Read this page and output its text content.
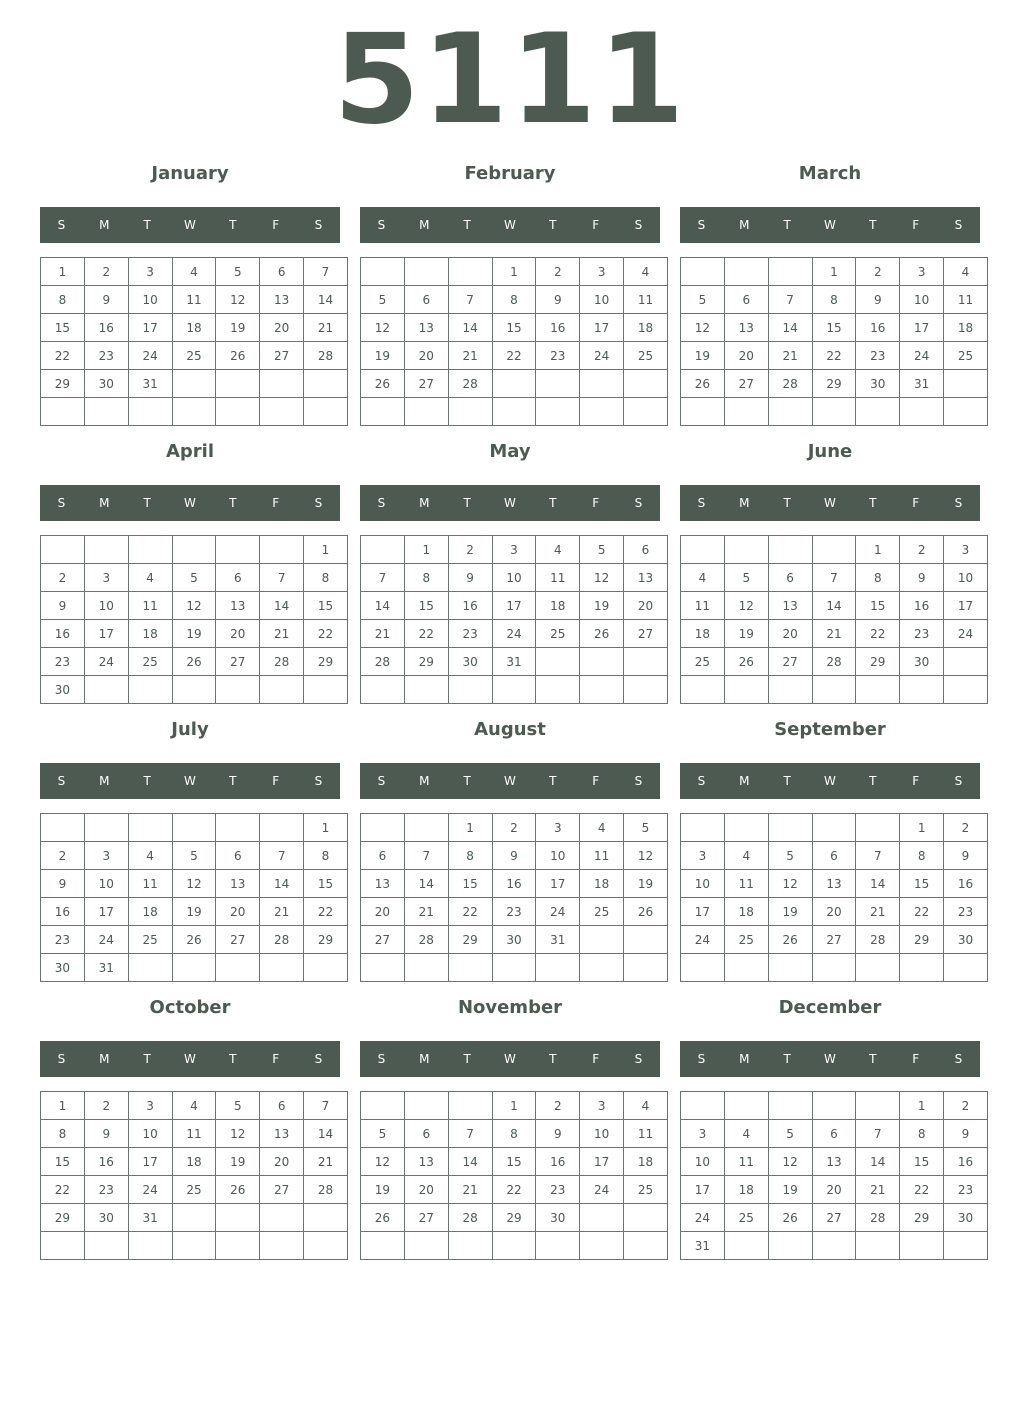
5111
January
S	M	T	W	T	F	S
1	2	3	4	5	6	7
8	9	10	11	12	13	14
15	16	17	18	19	20	21
22	23	24	25	26	27	28
29	30	31				

February
S	M	T	W	T	F	S
			1	2	3	4
5	6	7	8	9	10	11
12	13	14	15	16	17	18
19	20	21	22	23	24	25
26	27	28				

March
S	M	T	W	T	F	S
			1	2	3	4
5	6	7	8	9	10	11
12	13	14	15	16	17	18
19	20	21	22	23	24	25
26	27	28	29	30	31	

April
S	M	T	W	T	F	S
						1
2	3	4	5	6	7	8
9	10	11	12	13	14	15
16	17	18	19	20	21	22
23	24	25	26	27	28	29
30						
May
S	M	T	W	T	F	S
	1	2	3	4	5	6
7	8	9	10	11	12	13
14	15	16	17	18	19	20
21	22	23	24	25	26	27
28	29	30	31			

June
S	M	T	W	T	F	S
				1	2	3
4	5	6	7	8	9	10
11	12	13	14	15	16	17
18	19	20	21	22	23	24
25	26	27	28	29	30	

July
S	M	T	W	T	F	S
						1
2	3	4	5	6	7	8
9	10	11	12	13	14	15
16	17	18	19	20	21	22
23	24	25	26	27	28	29
30	31					
August
S	M	T	W	T	F	S
		1	2	3	4	5
6	7	8	9	10	11	12
13	14	15	16	17	18	19
20	21	22	23	24	25	26
27	28	29	30	31		

September
S	M	T	W	T	F	S
					1	2
3	4	5	6	7	8	9
10	11	12	13	14	15	16
17	18	19	20	21	22	23
24	25	26	27	28	29	30

October
S	M	T	W	T	F	S
1	2	3	4	5	6	7
8	9	10	11	12	13	14
15	16	17	18	19	20	21
22	23	24	25	26	27	28
29	30	31				

November
S	M	T	W	T	F	S
			1	2	3	4
5	6	7	8	9	10	11
12	13	14	15	16	17	18
19	20	21	22	23	24	25
26	27	28	29	30		

December
S	M	T	W	T	F	S
					1	2
3	4	5	6	7	8	9
10	11	12	13	14	15	16
17	18	19	20	21	22	23
24	25	26	27	28	29	30
31						
